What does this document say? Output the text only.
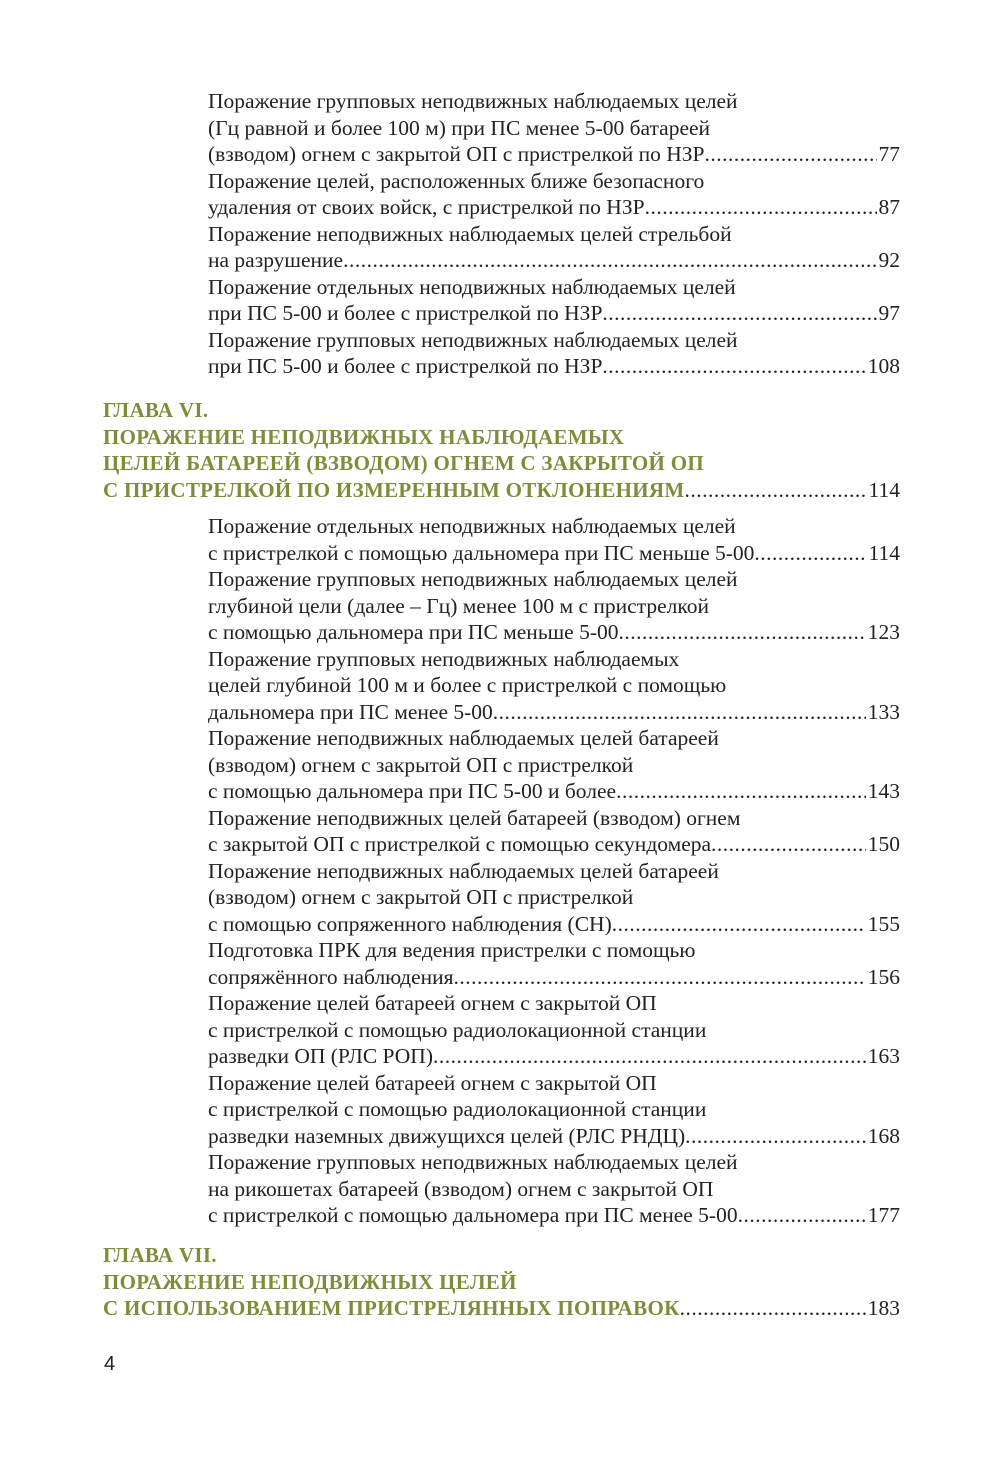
Поражение групповых неподвижных наблюдаемых целей
(Гц равной и более 100 м) при ПС менее 5-00 батареей
(взводом) огнем с закрытой ОП с пристрелкой по НЗР .....	77
Поражение целей, расположенных ближе безопасного
удаления от своих войск, с пристрелкой по НЗР .....	87
Поражение неподвижных наблюдаемых целей стрельбой
на разрушение .....	92
Поражение отдельных неподвижных наблюдаемых целей
при ПС 5-00 и более с пристрелкой по НЗР .....	97
Поражение групповых неподвижных наблюдаемых целей
при ПС 5-00 и более с пристрелкой по НЗР .....	108
ГЛАВА VI.
ПОРАЖЕНИЕ НЕПОДВИЖНЫХ НАБЛЮДАЕМЫХ
ЦЕЛЕЙ БАТАРЕЕЙ (ВЗВОДОМ) ОГНЕМ С ЗАКРЫТОЙ ОП
С ПРИСТРЕЛКОЙ ПО ИЗМЕРЕННЫМ ОТКЛОНЕНИЯМ .....	114
Поражение отдельных неподвижных наблюдаемых целей
с пристрелкой с помощью дальномера при ПС меньше 5-00 .....	114
Поражение групповых неподвижных наблюдаемых целей
глубиной цели (далее – Гц) менее 100 м с пристрелкой
с помощью дальномера при ПС меньше 5-00 .....	123
Поражение групповых неподвижных наблюдаемых
целей глубиной 100 м и более с пристрелкой с помощью
дальномера при ПС менее 5-00 .....	133
Поражение неподвижных наблюдаемых целей батареей
(взводом) огнем с закрытой ОП с пристрелкой
с помощью дальномера при ПС 5-00 и более .....	143
Поражение неподвижных целей батареей (взводом) огнем
с закрытой ОП с пристрелкой с помощью секундомера .....	150
Поражение неподвижных наблюдаемых целей батареей
(взводом) огнем с закрытой ОП с пристрелкой
с помощью сопряженного наблюдения (СН) .....	155
Подготовка ПРК для ведения пристрелки с помощью
сопряжённого наблюдения .....	156
Поражение целей батареей огнем с закрытой ОП
с пристрелкой с помощью радиолокационной станции
разведки ОП (РЛС РОП) .....	163
Поражение целей батареей огнем с закрытой ОП
с пристрелкой с помощью радиолокационной станции
разведки наземных движущихся целей (РЛС РНДЦ) .....	168
Поражение групповых неподвижных наблюдаемых целей
на рикошетах батареей (взводом) огнем с закрытой ОП
с пристрелкой с помощью дальномера при ПС менее 5-00 .....	177
ГЛАВА VII.
ПОРАЖЕНИЕ НЕПОДВИЖНЫХ ЦЕЛЕЙ
С ИСПОЛЬЗОВАНИЕМ ПРИСТРЕЛЯННЫХ ПОПРАВОК .....	183
4
